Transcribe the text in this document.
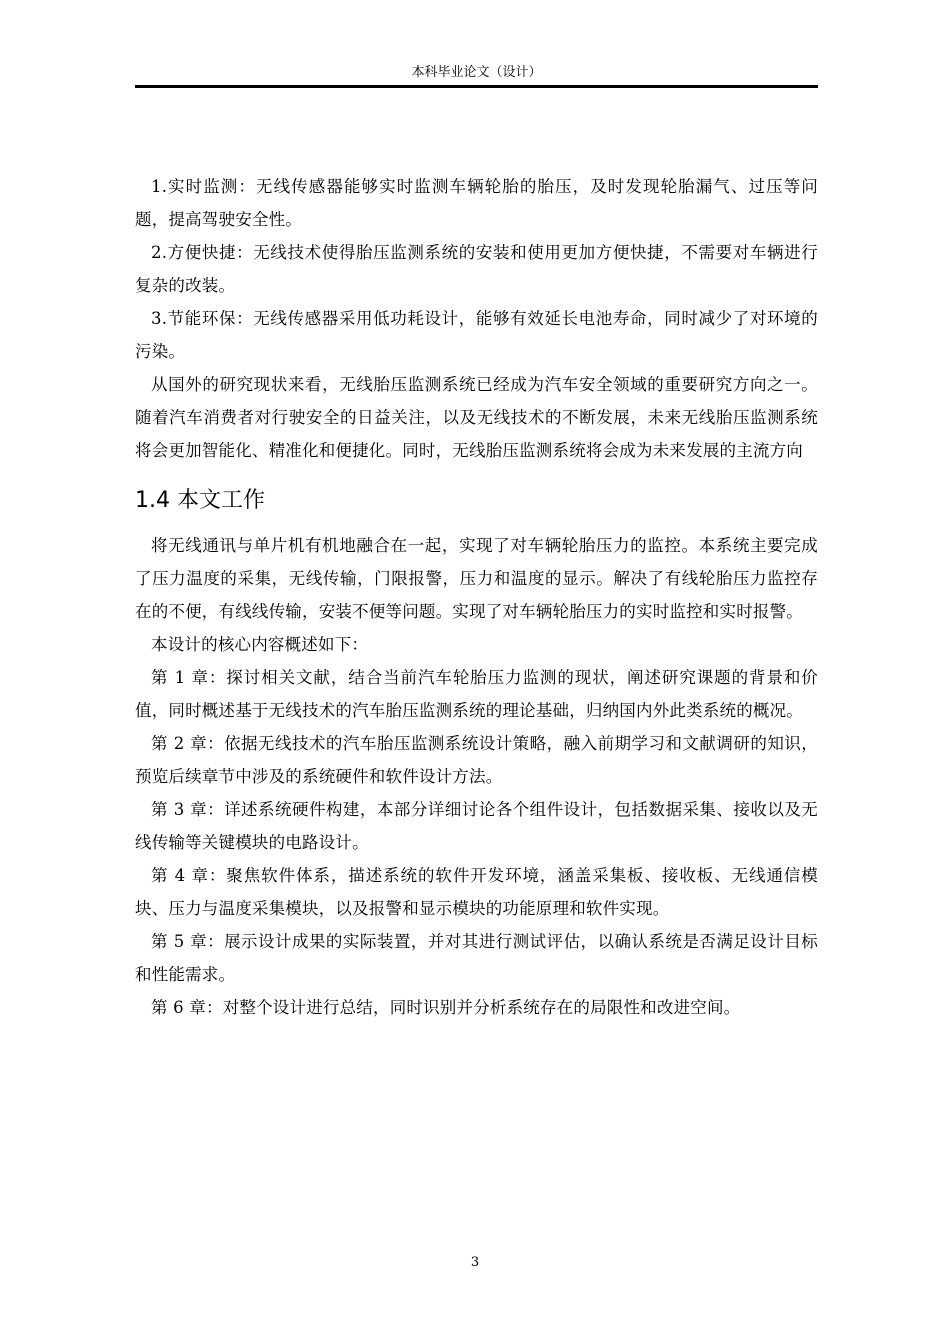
本科毕业论文（设计）

1.实时监测：无线传感器能够实时监测车辆轮胎的胎压，及时发现轮胎漏气、过压等问题，提高驾驶安全性。

2.方便快捷：无线技术使得胎压监测系统的安装和使用更加方便快捷，不需要对车辆进行复杂的改装。

3.节能环保：无线传感器采用低功耗设计，能够有效延长电池寿命，同时减少了对环境的污染。

从国外的研究现状来看，无线胎压监测系统已经成为汽车安全领域的重要研究方向之一。随着汽车消费者对行驶安全的日益关注，以及无线技术的不断发展，未来无线胎压监测系统将会更加智能化、精准化和便捷化。同时，无线胎压监测系统将会成为未来发展的主流方向

1.4 本文工作

将无线通讯与单片机有机地融合在一起，实现了对车辆轮胎压力的监控。本系统主要完成了压力温度的采集，无线传输，门限报警，压力和温度的显示。解决了有线轮胎压力监控存在的不便，有线线传输，安装不便等问题。实现了对车辆轮胎压力的实时监控和实时报警。

本设计的核心内容概述如下：

第 1 章：探讨相关文献，结合当前汽车轮胎压力监测的现状，阐述研究课题的背景和价值，同时概述基于无线技术的汽车胎压监测系统的理论基础，归纳国内外此类系统的概况。

第 2 章：依据无线技术的汽车胎压监测系统设计策略，融入前期学习和文献调研的知识，预览后续章节中涉及的系统硬件和软件设计方法。

第 3 章：详述系统硬件构建，本部分详细讨论各个组件设计，包括数据采集、接收以及无线传输等关键模块的电路设计。

第 4 章：聚焦软件体系，描述系统的软件开发环境，涵盖采集板、接收板、无线通信模块、压力与温度采集模块，以及报警和显示模块的功能原理和软件实现。

第 5 章：展示设计成果的实际装置，并对其进行测试评估，以确认系统是否满足设计目标和性能需求。

第 6 章：对整个设计进行总结，同时识别并分析系统存在的局限性和改进空间。

3
